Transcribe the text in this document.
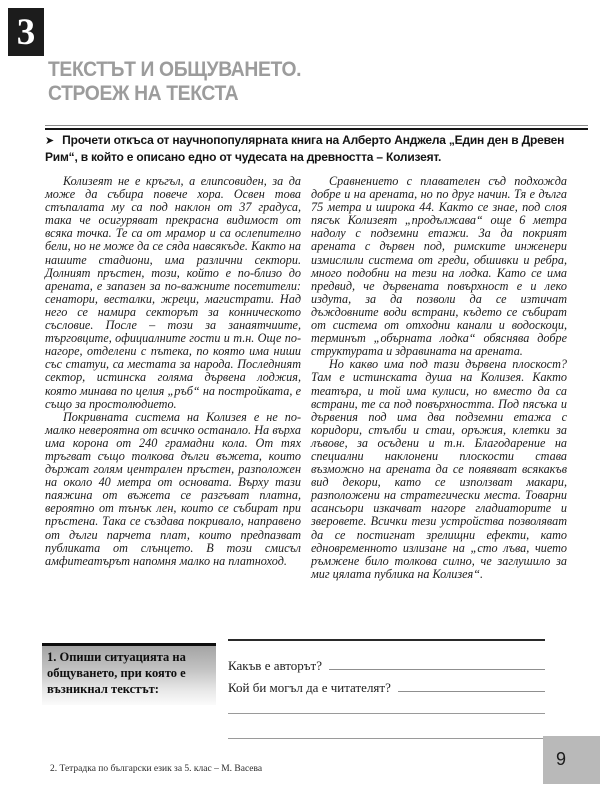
3
ТЕКСТЪТ И ОБЩУВАНЕТО.
СТРОЕЖ НА ТЕКСТА

➤ Прочети откъса от научнопопулярната книга на Алберто Анджела „Един ден в Древен Рим“, в който е описано едно от чудесата на древността – Колизеят.

Колизеят не е кръгъл, а елипсовиден, за да може да събира повече хора. Освен това стъпалата му са под наклон от 37 градуса, така че осигуряват прекрасна видимост от всяка точка. Те са от мрамор и са ослепително бели, но не може да се сяда навсякъде. Както на нашите стадиони, има различни сектори. Долният пръстен, този, който е по-близо до арената, е запазен за по-важните посетители: сенатори, весталки, жреци, магистрати. Над него се намира секторът за конническото съсловие. После – този за занаятчиите, търговците, официалните гости и т.н. Още по-нагоре, отделени с пътека, по която има ниши със статуи, са местата за народа. Последният сектор, истинска голяма дървена лоджия, която минава по целия „ръб“ на постройката, е също за простолюдието.

Покривната система на Колизея е не по-малко невероятна от всичко останало. На върха има корона от 240 грамадни кола. От тях тръгват също толкова дълги въжета, които държат голям централен пръстен, разположен на около 40 метра от основата. Върху тази паяжина от въжета се разгъват платна, вероятно от тънък лен, които се събират при пръстена. Така се създава покривало, направено от дълги парчета плат, които предпазват публиката от слънцето. В този смисъл амфитеатърът напомня малко на платноход.

Сравнението с плавателен съд подхожда добре и на арената, но по друг начин. Тя е дълга 75 метра и широка 44. Както се знае, под слоя пясък Колизеят „продължава“ още 6 метра надолу с подземни етажи. За да покрият арената с дървен под, римските инженери измислили система от греди, обшивки и ребра, много подобни на тези на лодка. Като се има предвид, че дървената повърхност е и леко издута, за да позволи да се изтичат дъждовните води встрани, където се събират от система от отходни канали и водоскоци, терминът „обърната лодка“ обяснява добре структурата и здравината на арената.

Но какво има под тази дървена плоскост? Там е истинската душа на Колизея. Както театъра, и той има кулиси, но вместо да са встрани, те са под повърхността. Под пясъка и дървения под има два подземни етажа с коридори, стълби и стаи, оръжия, клетки за лъвове, за осъдени и т.н. Благодарение на специални наклонени плоскости става възможно на арената да се появяват всякакъв вид декори, като се използват макари, разположени на стратегически места. Товарни асансьори изкачват нагоре гладиаторите и зверовете. Всички тези устройства позволяват да се постигнат зрелищни ефекти, като едновременното излизане на „сто лъва, чието ръмжене било толкова силно, че заглушило за миг цялата публика на Колизея“.

1. Опиши ситуацията на общуването, при която е възникнал текстът:
Какъв е авторът?
Кой би могъл да е читателят?
2. Тетрадка по български език за 5. клас – М. Васева	9
